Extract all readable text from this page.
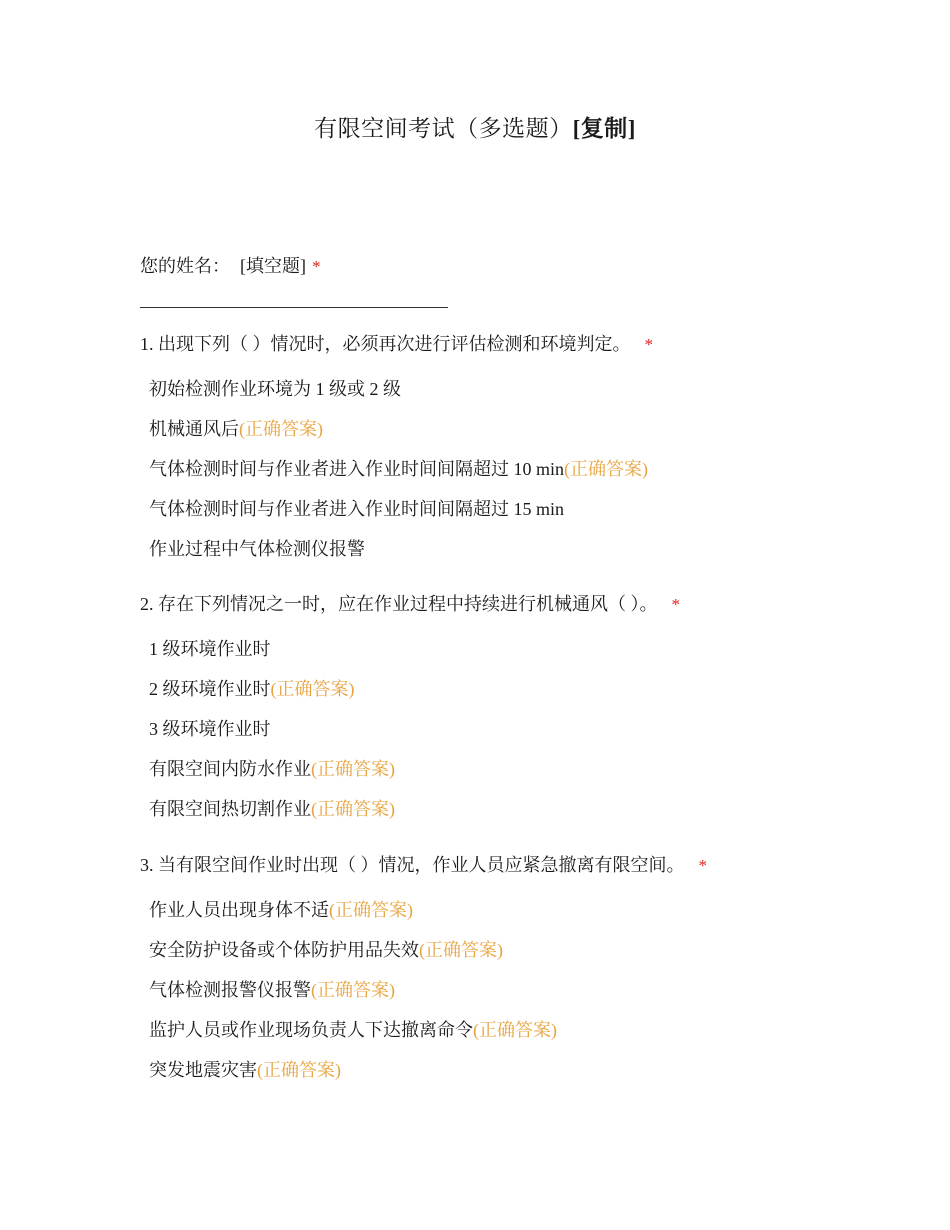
有限空间考试（多选题）[复制]
您的姓名： [填空题] *
1. 出现下列（ ）情况时，必须再次进行评估检测和环境判定。 *
初始检测作业环境为 1 级或 2 级
机械通风后(正确答案)
气体检测时间与作业者进入作业时间间隔超过 10 min(正确答案)
气体检测时间与作业者进入作业时间间隔超过 15 min
作业过程中气体检测仪报警
2. 存在下列情况之一时，应在作业过程中持续进行机械通风（ ）。 *
1 级环境作业时
2 级环境作业时(正确答案)
3 级环境作业时
有限空间内防水作业(正确答案)
有限空间热切割作业(正确答案)
3. 当有限空间作业时出现（ ）情况，作业人员应紧急撤离有限空间。 *
作业人员出现身体不适(正确答案)
安全防护设备或个体防护用品失效(正确答案)
气体检测报警仪报警(正确答案)
监护人员或作业现场负责人下达撤离命令(正确答案)
突发地震灾害(正确答案)
